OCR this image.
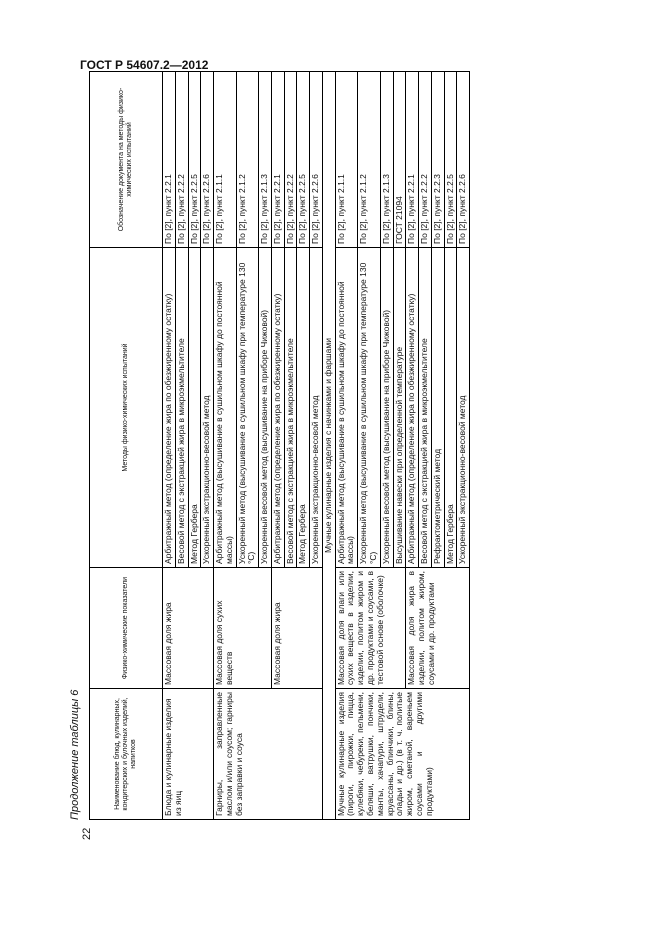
ГОСТ Р 54607.2—2012
Продолжение таблицы 6
22
Наименование блюд, кулинарных, кондитерских и булочных изделий, напитков	Физико-химические показатели	Методы физико-химических испытаний	Обозначение документа на методы физико-химических испытаний
Блюда и кулинарные изделия из яиц	Массовая доля жира	Арбитражный метод (определение жира по обезжиренному остатку)	По [2], пункт 2.2.1
		Весовой метод с экстракцией жира в микроэкмельтителе	По [2], пункт 2.2.2
		Метод Гербера	По [2], пункт 2.2.5
		Ускоренный экстракционно-весовой метод	По [2], пункт 2.2.6
Гарниры, заправленные маслом и/или соусом; гарниры без заправки и соуса	Массовая доля сухих веществ	Арбитражный метод (высушивание в сушильном шкафу до постоянной массы)	По [2], пункт 2.1.1
		Ускоренный метод (высушивание в сушильном шкафу при температуре 130 °С)	По [2], пункт 2.1.2
		Ускоренный весовой метод (высушивание на приборе Чижовой)	По [2], пункт 2.1.3
	Массовая доля жира	Арбитражный метод (определение жира по обезжиренному остатку)	По [2], пункт 2.2.1
		Весовой метод с экстракцией жира в микроэкмельтителе	По [2], пункт 2.2.2
		Метод Гербера	По [2], пункт 2.2.5
		Ускоренный экстракционно-весовой метод	По [2], пункт 2.2.6
Мучные кулинарные изделия с начинками и фаршами			
Мучные кулинарные изделия (пироги, пирожки, пицца, кулебяки, чебуреки, пельмени, беляши, ватрушки, пончики, манты, хачапури, штрудели, круассаны, блинчики, блины, оладьи и др.) (в т. ч. политые жиром, сметаной, вареньем соусами и другими продуктами)	Массовая доля влаги или сухих веществ в изделии, изделии, политом жиром и др. продуктами и соусами, в тестовой основе (оболочке)	Арбитражный метод (высушивание в сушильном шкафу до постоянной массы)	По [2], пункт 2.1.1
		Ускоренный метод (высушивание в сушильном шкафу при температуре 130 °С)	По [2], пункт 2.1.2
		Ускоренный весовой метод (высушивание на приборе Чижовой)	По [2], пункт 2.1.3
		Высушивание навески при определенной температуре	ГОСТ 21094
	Массовая доля жира в изделии, политом жиром, соусами и др. продуктами	Арбитражный метод (определение жира по обезжиренному остатку)	По [2], пункт 2.2.1
		Весовой метод с экстракцией жира в микроэкмельтителе	По [2], пункт 2.2.2
		Рефрактометрический метод	По [2], пункт 2.2.3
		Метод Гербера	По [2], пункт 2.2.5
		Ускоренный экстракционно-весовой метод	По [2], пункт 2.2.6
